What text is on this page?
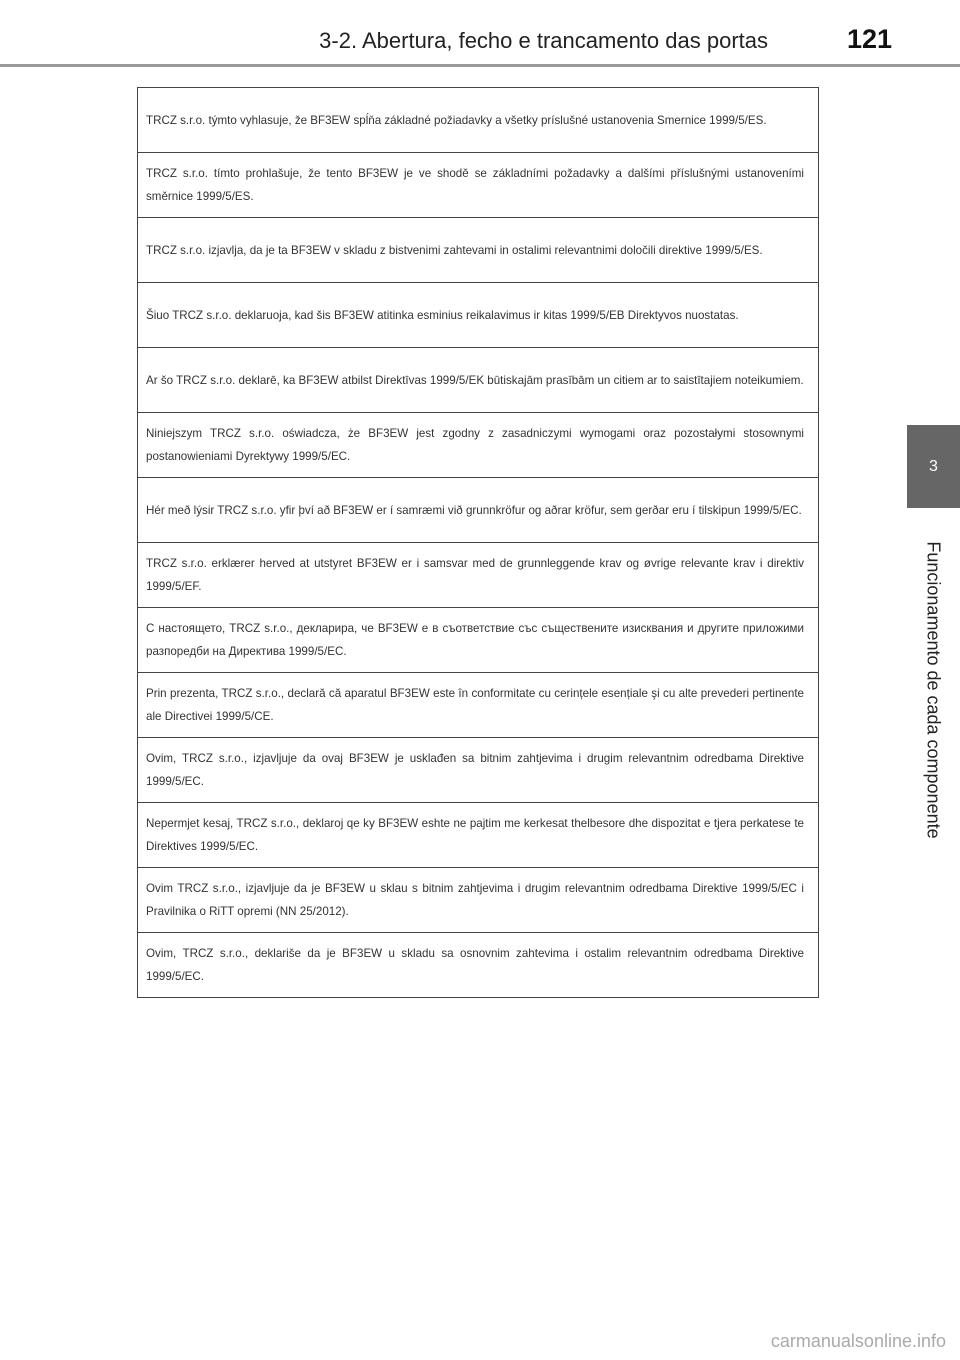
3-2. Abertura, fecho e trancamento das portas	121
3
Funcionamento de cada componente
TRCZ s.r.o. týmto vyhlasuje, že BF3EW spĺňa základné požiadavky a všetky príslušné ustanovenia Smernice 1999/5/ES.
TRCZ s.r.o. tímto prohlašuje, že tento BF3EW je ve shodě se základními požadavky a dalšími příslušnými ustanoveními směrnice 1999/5/ES.
TRCZ s.r.o. izjavlja, da je ta BF3EW v skladu z bistvenimi zahtevami in ostalimi relevantnimi določili direktive 1999/5/ES.
Šiuo TRCZ s.r.o. deklaruoja, kad šis BF3EW atitinka esminius reikalavimus ir kitas 1999/5/EB Direktyvos nuostatas.
Ar šo TRCZ s.r.o. deklarē, ka BF3EW atbilst Direktīvas 1999/5/EK būtiskajām prasībām un citiem ar to saistītajiem noteikumiem.
Niniejszym TRCZ s.r.o. oświadcza, że BF3EW jest zgodny z zasadniczymi wymogami oraz pozostałymi stosownymi postanowieniami Dyrektywy 1999/5/EC.
Hér með lýsir TRCZ s.r.o. yfir því að BF3EW er í samræmi við grunnkröfur og aðrar kröfur, sem gerðar eru í tilskipun 1999/5/EC.
TRCZ s.r.o. erklærer herved at utstyret BF3EW er i samsvar med de grunnleggende krav og øvrige relevante krav i direktiv 1999/5/EF.
С настоящето, TRCZ s.r.o., декларира, че BF3EW е в съответствие със съществените изисквания и другите приложими разпоредби на Директива 1999/5/ЕС.
Prin prezenta, TRCZ s.r.o., declară că aparatul BF3EW este în conformitate cu cerințele esențiale şi cu alte prevederi pertinente ale Directivei 1999/5/CE.
Ovim, TRCZ s.r.o., izjavljuje da ovaj BF3EW je usklađen sa bitnim zahtjevima i drugim relevantnim odredbama Direktive 1999/5/EC.
Nepermjet kesaj, TRCZ s.r.o., deklaroj qe ky BF3EW eshte ne pajtim me kerkesat thelbesore dhe dispozitat e tjera perkatese te Direktives 1999/5/EC.
Ovim TRCZ s.r.o., izjavljuje da je BF3EW u sklau s bitnim zahtjevima i drugim relevantnim odredbama Direktive 1999/5/EC i Pravilnika o RiTT opremi (NN 25/2012).
Ovim, TRCZ s.r.o., deklariše da je BF3EW u skladu sa osnovnim zahtevima i ostalim relevantnim odredbama Direktive 1999/5/EC.
carmanualsonline.info
